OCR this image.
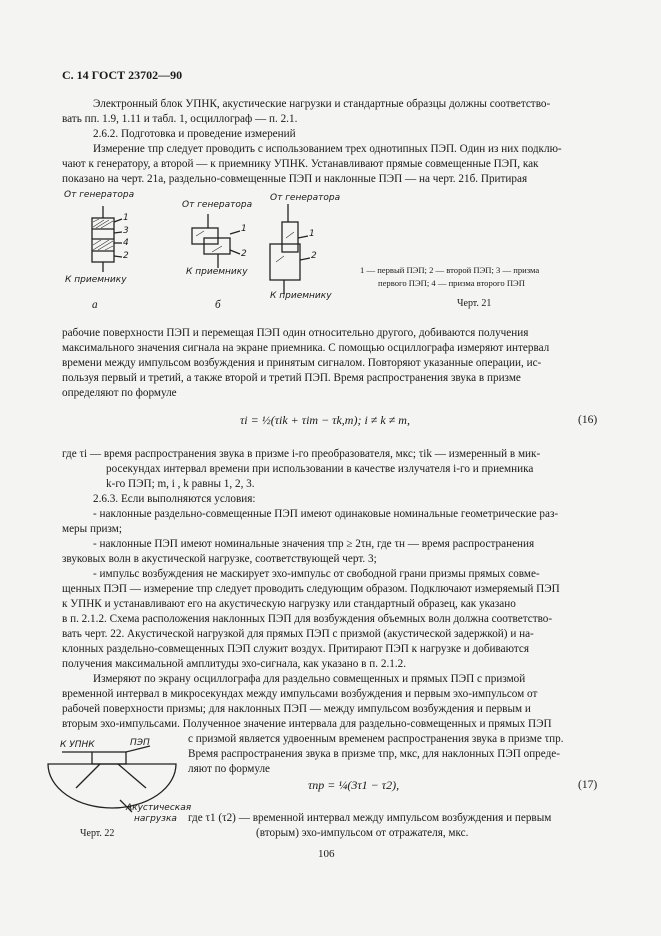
С. 14 ГОСТ 23702—90
Электронный блок УПНК, акустические нагрузки и стандартные образцы должны соответство-
вать пп. 1.9, 1.11 и табл. 1, осциллограф — п. 2.1.
2.6.2. Подготовка и проведение измерений
Измерение τпр следует проводить с использованием трех однотипных ПЭП. Один из них подклю-
чают к генератору, а второй — к приемнику УПНК. Устанавливают прямые совмещенные ПЭП, как
показано на черт. 21а, раздельно-совмещенные ПЭП и наклонные ПЭП — на черт. 21б. Притирая
От генератора
К приемнику
1
3
4
2
а
От генератора
К приемнику
1
2
б
От генератора
1
2
К приемнику
1 — первый ПЭП; 2 — второй ПЭП; 3 — призма
первого ПЭП; 4 — призма второго ПЭП
Черт. 21
рабочие поверхности ПЭП и перемещая ПЭП один относительно другого, добиваются получения
максимального значения сигнала на экране приемника. С помощью осциллографа измеряют интервал
времени между импульсом возбуждения и принятым сигналом. Повторяют указанные операции, ис-
пользуя первый и третий, а также второй и третий ПЭП. Время распространения звука в призме
определяют по формуле
τi = ½(τik + τim − τk,m); i ≠ k ≠ m,	(16)
где τi — время распространения звука в призме i-го преобразователя, мкс; τik — измеренный в мик-
росекундах интервал времени при использовании в качестве излучателя i-го и приемника
k-го ПЭП; m, i , k равны 1, 2, 3.
2.6.3. Если выполняются условия:
- наклонные раздельно-совмещенные ПЭП имеют одинаковые номинальные геометрические раз-
меры призм;
- наклонные ПЭП имеют номинальные значения τпр ≥ 2τн, где τн — время распространения
звуковых волн в акустической нагрузке, соответствующей черт. 3;
- импульс возбуждения не маскирует эхо-импульс от свободной грани призмы прямых совме-
щенных ПЭП — измерение τпр следует проводить следующим образом. Подключают измеряемый ПЭП
к УПНК и устанавливают его на акустическую нагрузку или стандартный образец, как указано
в п. 2.1.2. Схема расположения наклонных ПЭП для возбуждения объемных волн должна соответство-
вать черт. 22. Акустической нагрузкой для прямых ПЭП с призмой (акустической задержкой) и на-
клонных раздельно-совмещенных ПЭП служит воздух. Притирают ПЭП к нагрузке и добиваются
получения максимальной амплитуды эхо-сигнала, как указано в п. 2.1.2.
Измеряют по экрану осциллографа для раздельно совмещенных и прямых ПЭП с призмой
временной интервал в микросекундах между импульсами возбуждения и первым эхо-импульсом от
рабочей поверхности призмы; для наклонных ПЭП — между импульсом возбуждения и первым и
вторым эхо-импульсами. Полученное значение интервала для раздельно-совмещенных и прямых ПЭП
с призмой является удвоенным временем распространения звука в призме τпр.
Время распространения звука в призме τпр, мкс, для наклонных ПЭП опреде-
ляют по формуле
К УПНК	ПЭП
Акустическая
нагрузка
Черт. 22
τпр = ¼(3τ1 − τ2),	(17)
где τ1 (τ2) — временной интервал между импульсом возбуждения и первым
(вторым) эхо-импульсом от отражателя, мкс.
106
